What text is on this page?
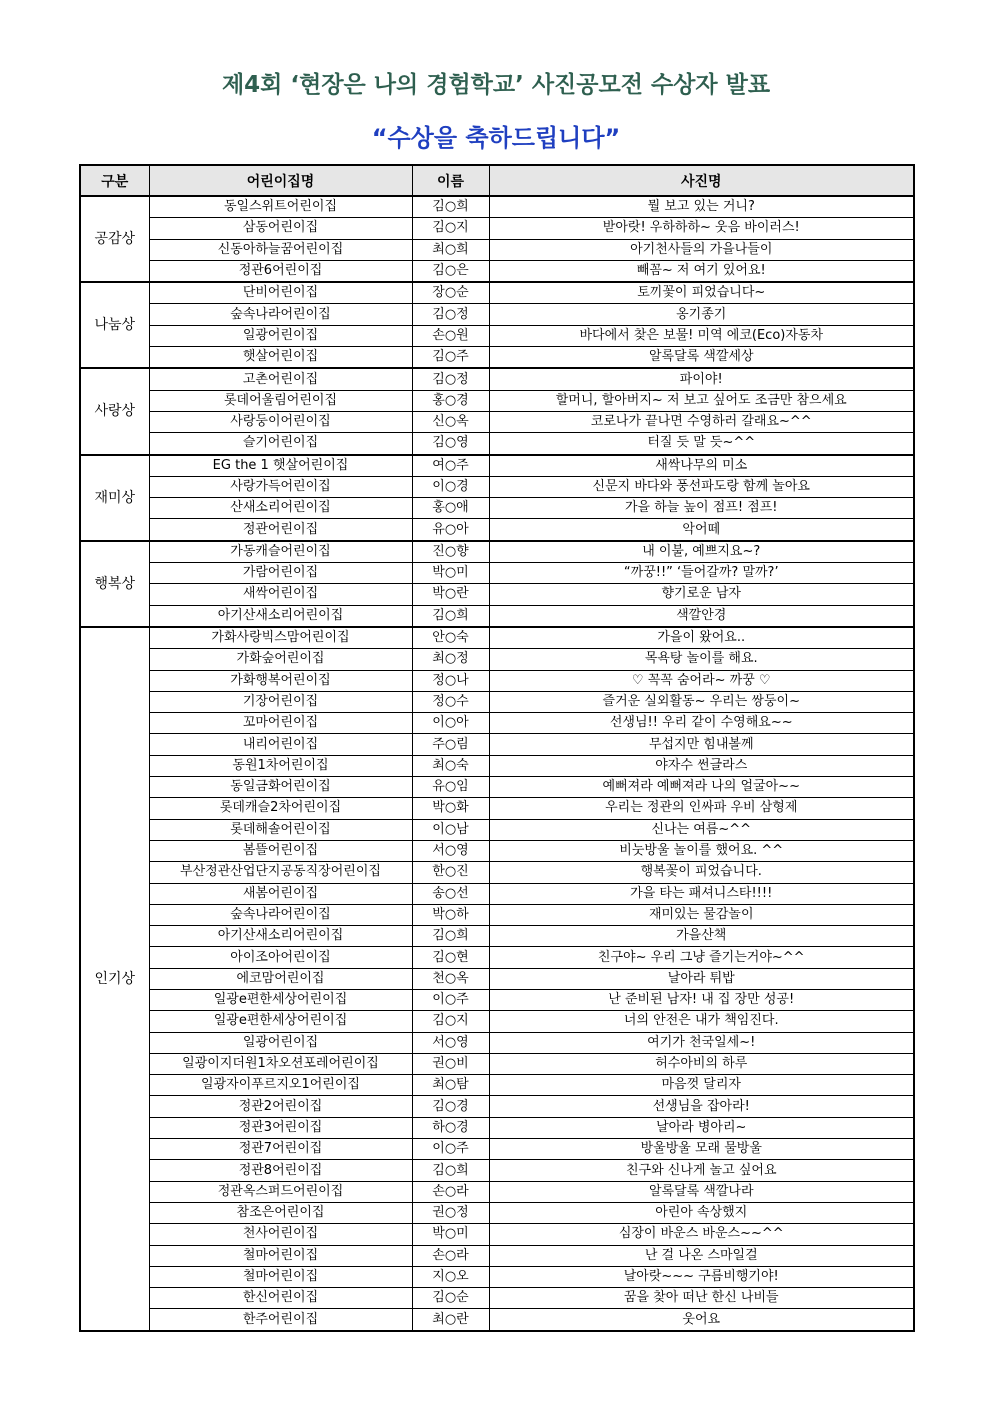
제4회 ‘현장은 나의 경험학교’ 사진공모전 수상자 발표
“수상을 축하드립니다”
구분	어린이집명	이름	사진명
공감상	동일스위트어린이집	김○희	뭘 보고 있는 거니?
	삼동어린이집	김○지	받아랏! 우하하하~ 웃음 바이러스!
	신동아하늘꿈어린이집	최○희	아기천사들의 가을나들이
	정관6어린이집	김○은	빼꼼~ 저 여기 있어요!
나눔상	단비어린이집	장○순	토끼꽃이 피었습니다~
	숲속나라어린이집	김○정	옹기종기
	일광어린이집	손○원	바다에서 찾은 보물! 미역 에코(Eco)자동차
	햇살어린이집	김○주	알록달록 색깔세상
사랑상	고촌어린이집	김○정	파이야!
	롯데어울림어린이집	홍○경	할머니, 할아버지~ 저 보고 싶어도 조금만 참으세요
	사랑둥이어린이집	신○옥	코로나가 끝나면 수영하러 갈래요~^^
	슬기어린이집	김○영	터질 듯 말 듯~^^
재미상	EG the 1 햇살어린이집	여○주	새싹나무의 미소
	사랑가득어린이집	이○경	신문지 바다와 풍선파도랑 함께 놀아요
	산새소리어린이집	홍○애	가을 하늘 높이 점프! 점프!
	정관어린이집	유○아	악어떼
행복상	가동캐슬어린이집	진○향	내 이불, 예쁘지요~?
	가람어린이집	박○미	“까꿍!!” ‘들어갈까? 말까?’
	새싹어린이집	박○란	향기로운 남자
	아기산새소리어린이집	김○희	색깔안경
인기상	가화사랑빅스맘어린이집	안○숙	가을이 왔어요..
	가화숲어린이집	최○정	목욕탕 놀이를 해요.
	가화행복어린이집	정○나	♡ 꼭꼭 숨어라~ 까꿍 ♡
	기장어린이집	정○수	즐거운 실외활동~ 우리는 쌍둥이~
	꼬마어린이집	이○아	선생님!! 우리 같이 수영해요~~
	내리어린이집	주○림	무섭지만 힘내볼께
	동원1차어린이집	최○숙	야자수 썬글라스
	동일금화어린이집	유○임	예뻐져라 예뻐져라 나의 얼굴아~~
	롯데캐슬2차어린이집	박○화	우리는 정관의 인싸파 우비 삼형제
	롯데해솔어린이집	이○남	신나는 여름~^^
	봄뜰어린이집	서○영	비눗방울 놀이를 했어요. ^^
	부산정관산업단지공동직장어린이집	한○진	행복꽃이 피었습니다.
	새봄어린이집	송○선	가을 타는 패셔니스타!!!!
	숲속나라어린이집	박○하	재미있는 물감놀이
	아기산새소리어린이집	김○희	가을산책
	아이조아어린이집	김○현	친구야~ 우리 그냥 즐기는거야~^^
	에코맘어린이집	천○옥	날아라 튀밥
	일광e편한세상어린이집	이○주	난 준비된 남자! 내 집 장만 성공!
	일광e편한세상어린이집	김○지	너의 안전은 내가 책임진다.
	일광어린이집	서○영	여기가 천국일세~!
	일광이지더원1차오션포레어린이집	권○비	허수아비의 하루
	일광자이푸르지오1어린이집	최○탐	마음껏 달리자
	정관2어린이집	김○경	선생님을 잡아라!
	정관3어린이집	하○경	날아라 병아리~
	정관7어린이집	이○주	방울방울 모래 물방울
	정관8어린이집	김○희	친구와 신나게 놀고 싶어요
	정관옥스퍼드어린이집	손○라	알록달록 색깔나라
	참조은어린이집	권○정	아린아 속상했지
	천사어린이집	박○미	심장이 바운스 바운스~~^^
	철마어린이집	손○라	난 걸 나온 스마일걸
	철마어린이집	지○오	날아랏~~~ 구름비행기야!
	한신어린이집	김○순	꿈을 찾아 떠난 한신 나비들
	한주어린이집	최○란	웃어요
